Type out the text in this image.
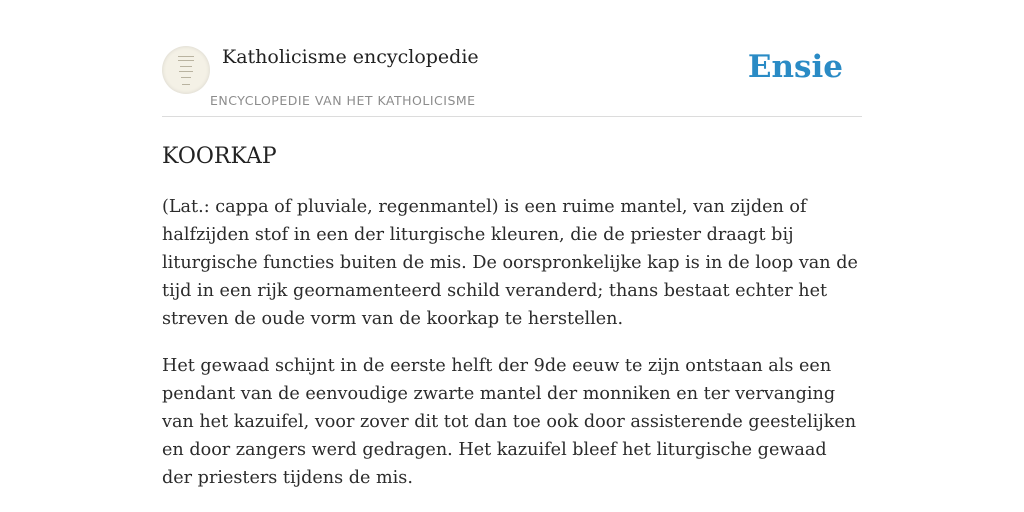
Katholicisme encyclopedie
ENCYCLOPEDIE VAN HET KATHOLICISME
Ensie
KOORKAP

(Lat.: cappa of pluviale, regenmantel) is een ruime mantel, van zijden of halfzijden stof in een der liturgische kleuren, die de priester draagt bij liturgische functies buiten de mis. De oorspronkelijke kap is in de loop van de tijd in een rijk geornamenteerd schild veranderd; thans bestaat echter het streven de oude vorm van de koorkap te herstellen.

Het gewaad schijnt in de eerste helft der 9de eeuw te zijn ontstaan als een pendant van de eenvoudige zwarte mantel der monniken en ter vervanging van het kazuifel, voor zover dit tot dan toe ook door assisterende geestelijken en door zangers werd gedragen. Het kazuifel bleef het liturgische gewaad der priesters tijdens de mis.
